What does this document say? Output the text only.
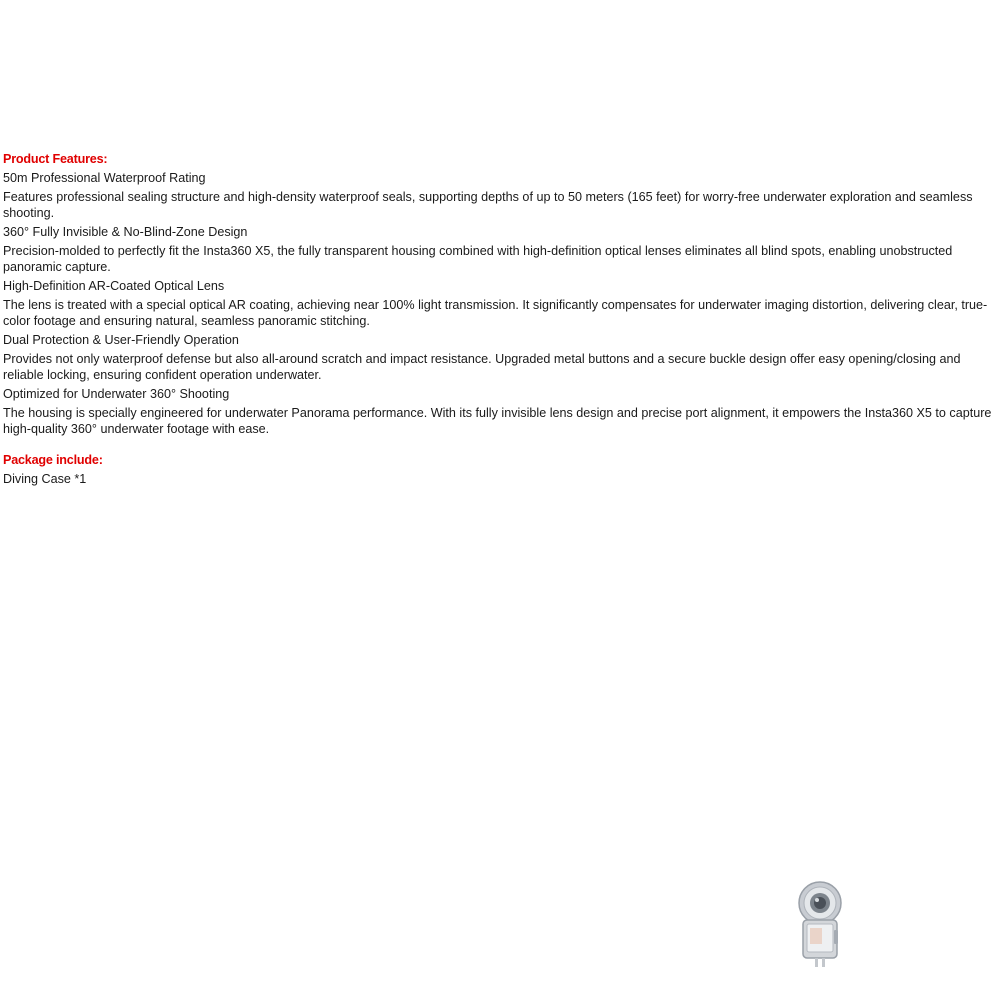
Product Features:
50m Professional Waterproof Rating
Features professional sealing structure and high-density waterproof seals, supporting depths of up to 50 meters (165 feet) for worry-free underwater exploration and seamless shooting.
360° Fully Invisible & No-Blind-Zone Design
Precision-molded to perfectly fit the Insta360 X5, the fully transparent housing combined with high-definition optical lenses eliminates all blind spots, enabling unobstructed panoramic capture.
High-Definition AR-Coated Optical Lens
The lens is treated with a special optical AR coating, achieving near 100% light transmission. It significantly compensates for underwater imaging distortion, delivering clear, true-color footage and ensuring natural, seamless panoramic stitching.
Dual Protection & User-Friendly Operation
Provides not only waterproof defense but also all-around scratch and impact resistance. Upgraded metal buttons and a secure buckle design offer easy opening/closing and reliable locking, ensuring confident operation underwater.
Optimized for Underwater 360° Shooting
The housing is specially engineered for underwater Panorama performance. With its fully invisible lens design and precise port alignment, it empowers the Insta360 X5 to capture high-quality 360° underwater footage with ease.
Package include:
Diving Case *1
